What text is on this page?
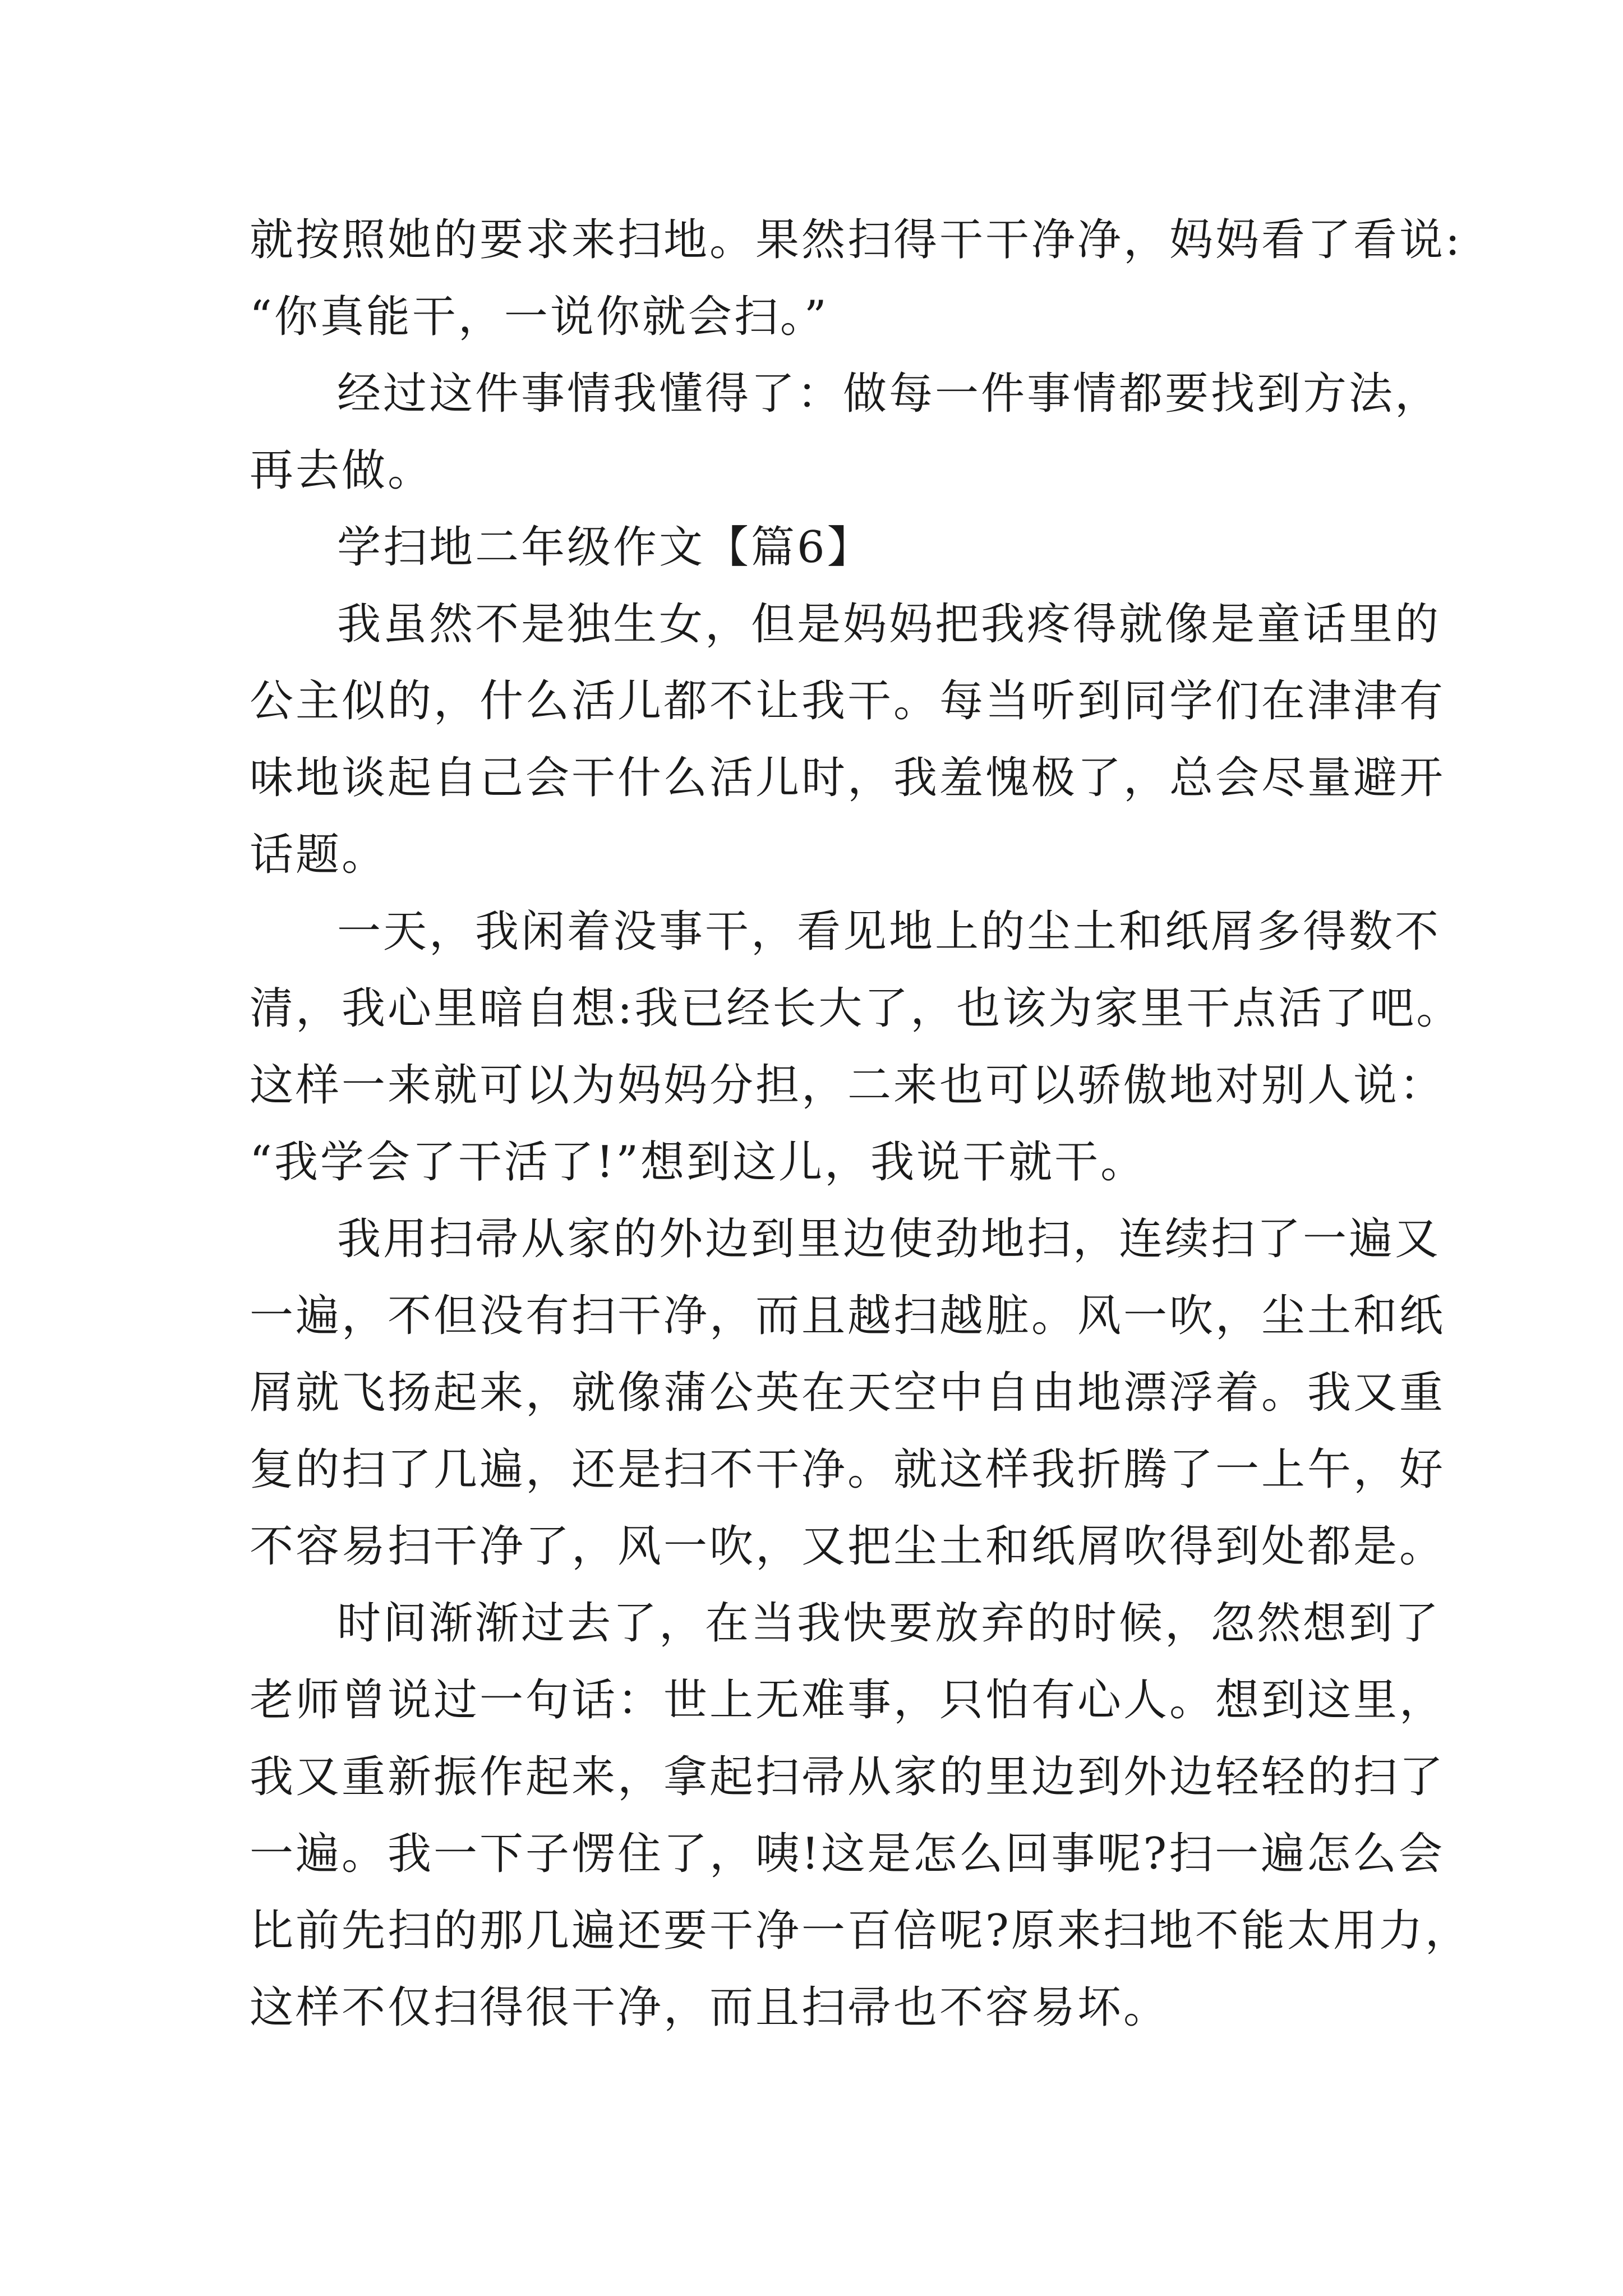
就按照她的要求来扫地。果然扫得干干净净，妈妈看了看说:
“你真能干，一说你就会扫。”
经过这件事情我懂得了：做每一件事情都要找到方法，
再去做。
学扫地二年级作文【篇6】
我虽然不是独生女，但是妈妈把我疼得就像是童话里的
公主似的，什么活儿都不让我干。每当听到同学们在津津有
味地谈起自己会干什么活儿时，我羞愧极了，总会尽量避开
话题。
一天，我闲着没事干，看见地上的尘土和纸屑多得数不
清，我心里暗自想:我已经长大了，也该为家里干点活了吧。
这样一来就可以为妈妈分担，二来也可以骄傲地对别人说：
“我学会了干活了!”想到这儿，我说干就干。
我用扫帚从家的外边到里边使劲地扫，连续扫了一遍又
一遍，不但没有扫干净，而且越扫越脏。风一吹，尘土和纸
屑就飞扬起来，就像蒲公英在天空中自由地漂浮着。我又重
复的扫了几遍，还是扫不干净。就这样我折腾了一上午，好
不容易扫干净了，风一吹，又把尘土和纸屑吹得到处都是。
时间渐渐过去了，在当我快要放弃的时候，忽然想到了
老师曾说过一句话：世上无难事，只怕有心人。想到这里，
我又重新振作起来，拿起扫帚从家的里边到外边轻轻的扫了
一遍。我一下子愣住了，咦!这是怎么回事呢?扫一遍怎么会
比前先扫的那几遍还要干净一百倍呢?原来扫地不能太用力，
这样不仅扫得很干净，而且扫帚也不容易坏。
